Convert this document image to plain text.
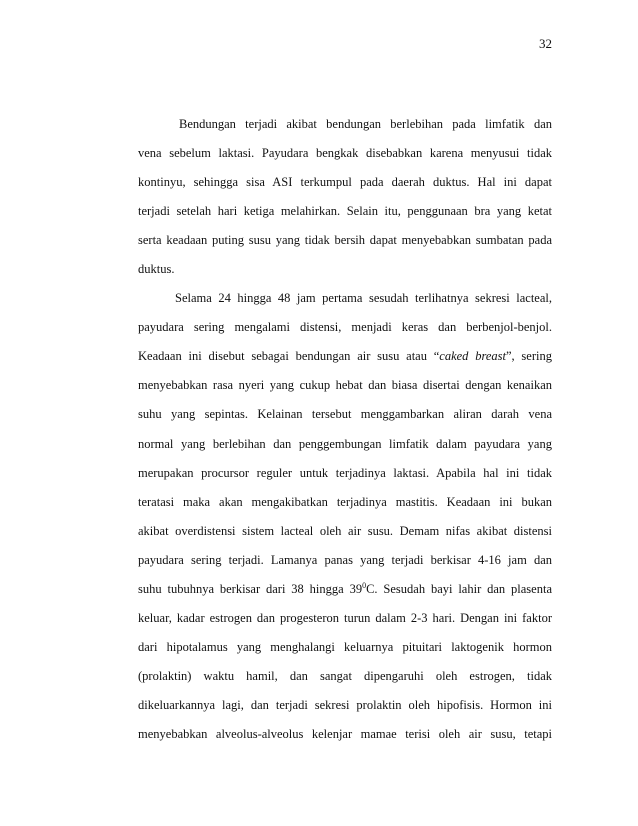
32
Bendungan terjadi akibat bendungan berlebihan pada limfatik dan
vena sebelum laktasi. Payudara bengkak disebabkan karena menyusui tidak
kontinyu, sehingga sisa ASI terkumpul pada daerah duktus. Hal ini dapat
terjadi setelah hari ketiga melahirkan. Selain itu, penggunaan bra yang ketat
serta keadaan puting susu yang tidak bersih dapat menyebabkan sumbatan pada
duktus.
Selama 24 hingga 48 jam pertama sesudah terlihatnya sekresi lacteal,
payudara sering mengalami distensi, menjadi keras dan berbenjol-benjol.
Keadaan ini disebut sebagai bendungan air susu atau “caked breast”, sering
menyebabkan rasa nyeri yang cukup hebat dan biasa disertai dengan kenaikan
suhu yang sepintas. Kelainan tersebut menggambarkan aliran darah vena
normal yang berlebihan dan penggembungan limfatik dalam payudara yang
merupakan procursor reguler untuk terjadinya laktasi. Apabila hal ini tidak
teratasi maka akan mengakibatkan terjadinya mastitis. Keadaan ini bukan
akibat overdistensi sistem lacteal oleh air susu. Demam nifas akibat distensi
payudara sering terjadi. Lamanya panas yang terjadi berkisar 4-16 jam dan
suhu tubuhnya berkisar dari 38 hingga $39^0C$. Sesudah bayi lahir dan plasenta
keluar, kadar estrogen dan progesteron turun dalam 2-3 hari. Dengan ini faktor
dari hipotalamus yang menghalangi keluarnya pituitari laktogenik hormon
(prolaktin) waktu hamil, dan sangat dipengaruhi oleh estrogen, tidak
dikeluarkannya lagi, dan terjadi sekresi prolaktin oleh hipofisis. Hormon ini
menyebabkan alveolus-alveolus kelenjar mamae terisi oleh air susu, tetapi
